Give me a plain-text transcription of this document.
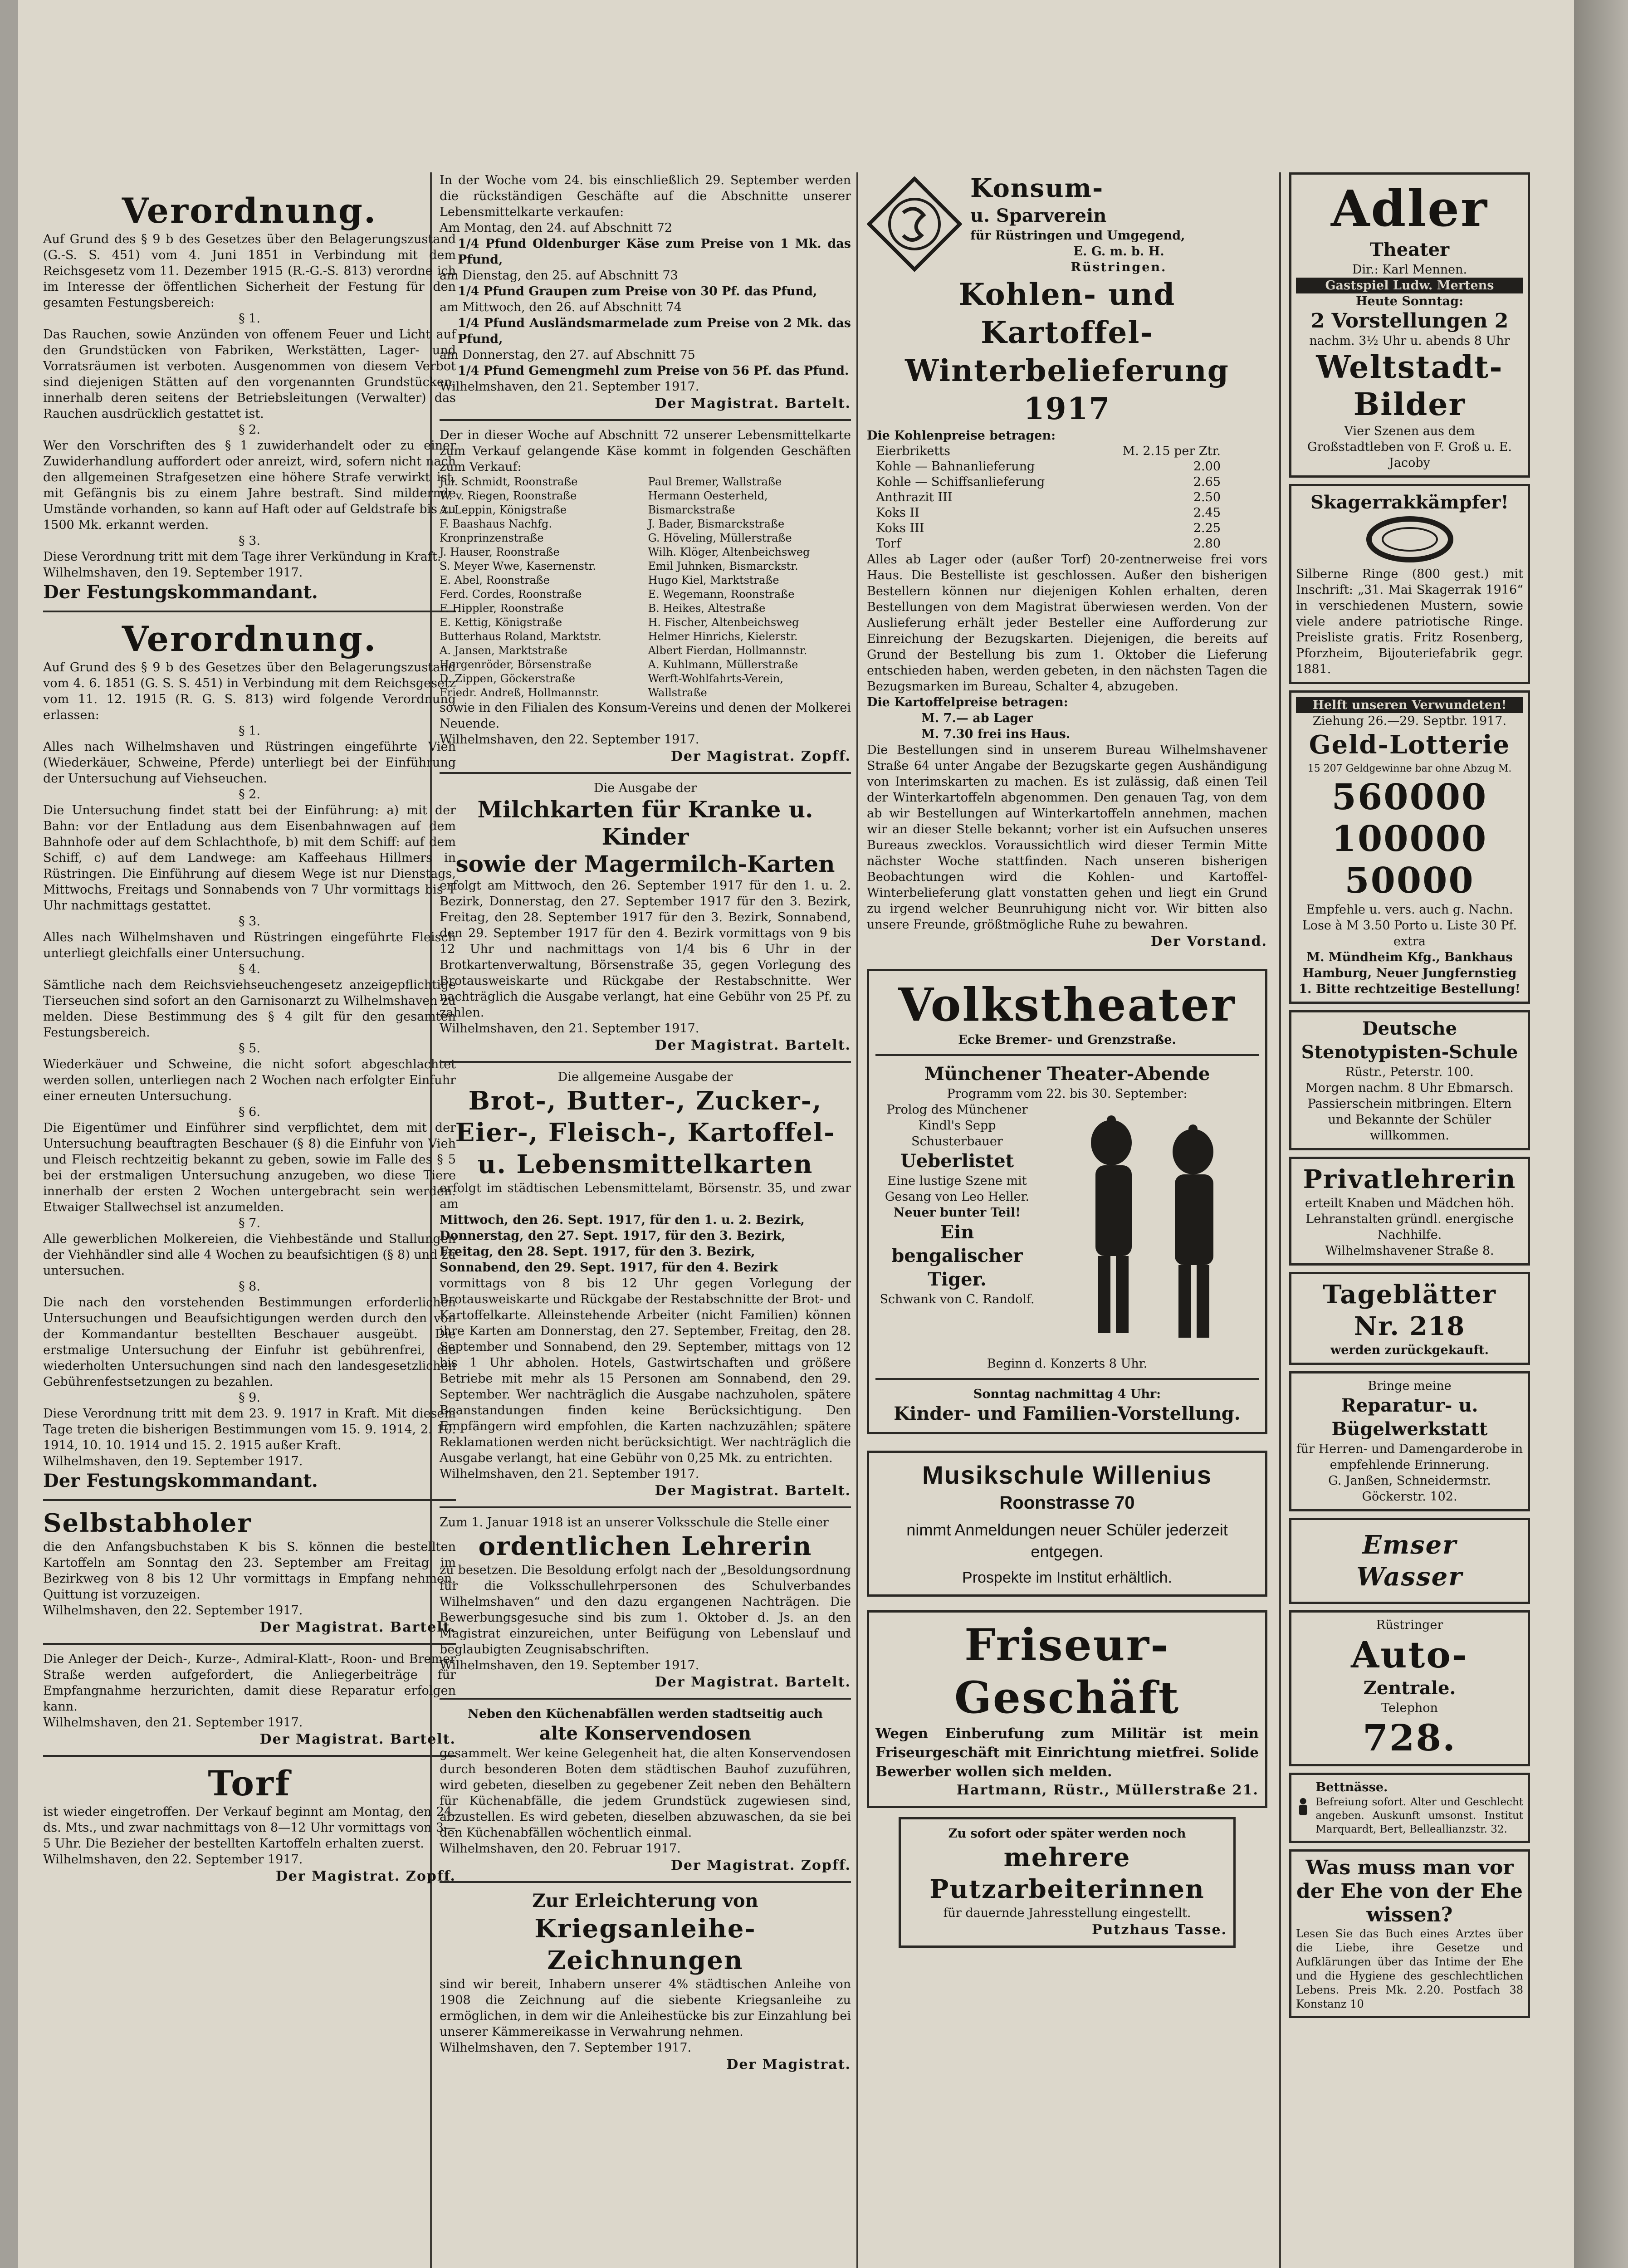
Verordnung.

Auf Grund des § 9 b des Gesetzes über den Belagerungszustand (G.-S. S. 451) vom 4. Juni 1851 in Verbindung mit dem Reichsgesetz vom 11. Dezember 1915 (R.-G.-S. 813) verordne ich im Interesse der öffentlichen Sicherheit der Festung für den gesamten Festungsbereich:

§ 1.

Das Rauchen, sowie Anzünden von offenem Feuer und Licht auf den Grundstücken von Fabriken, Werkstätten, Lager- und Vorratsräumen ist verboten. Ausgenommen von diesem Verbot sind diejenigen Stätten auf den vorgenannten Grundstücken, innerhalb deren seitens der Betriebsleitungen (Verwalter) das Rauchen ausdrücklich gestattet ist.

§ 2.

Wer den Vorschriften des § 1 zuwiderhandelt oder zu einer Zuwiderhandlung auffordert oder anreizt, wird, sofern nicht nach den allgemeinen Strafgesetzen eine höhere Strafe verwirkt ist, mit Gefängnis bis zu einem Jahre bestraft. Sind mildernde Umstände vorhanden, so kann auf Haft oder auf Geldstrafe bis zu 1500 Mk. erkannt werden.

§ 3.

Diese Verordnung tritt mit dem Tage ihrer Verkündung in Kraft.

Wilhelmshaven, den 19. September 1917.

Der Festungskommandant.

Verordnung.

Auf Grund des § 9 b des Gesetzes über den Belagerungszustand vom 4. 6. 1851 (G. S. S. 451) in Verbindung mit dem Reichsgesetz vom 11. 12. 1915 (R. G. S. 813) wird folgende Verordnung erlassen:

§ 1.

Alles nach Wilhelmshaven und Rüstringen eingeführte Vieh (Wiederkäuer, Schweine, Pferde) unterliegt bei der Einführung der Untersuchung auf Viehseuchen.

§ 2.

Die Untersuchung findet statt bei der Einführung: a) mit der Bahn: vor der Entladung aus dem Eisenbahnwagen auf dem Bahnhofe oder auf dem Schlachthofe, b) mit dem Schiff: auf dem Schiff, c) auf dem Landwege: am Kaffeehaus Hillmers in Rüstringen. Die Einführung auf diesem Wege ist nur Dienstags, Mittwochs, Freitags und Sonnabends von 7 Uhr vormittags bis 1 Uhr nachmittags gestattet.

§ 3.

Alles nach Wilhelmshaven und Rüstringen eingeführte Fleisch unterliegt gleichfalls einer Untersuchung.

§ 4.

Sämtliche nach dem Reichsviehseuchengesetz anzeigepflichtige Tierseuchen sind sofort an den Garnisonarzt zu Wilhelmshaven zu melden. Diese Bestimmung des § 4 gilt für den gesamten Festungsbereich.

§ 5.

Wiederkäuer und Schweine, die nicht sofort abgeschlachtet werden sollen, unterliegen nach 2 Wochen nach erfolgter Einfuhr einer erneuten Untersuchung.

§ 6.

Die Eigentümer und Einführer sind verpflichtet, dem mit der Untersuchung beauftragten Beschauer (§ 8) die Einfuhr von Vieh und Fleisch rechtzeitig bekannt zu geben, sowie im Falle des § 5 bei der erstmaligen Untersuchung anzugeben, wo diese Tiere innerhalb der ersten 2 Wochen untergebracht sein werden. Etwaiger Stallwechsel ist anzumelden.

§ 7.

Alle gewerblichen Molkereien, die Viehbestände und Stallungen der Viehhändler sind alle 4 Wochen zu beaufsichtigen (§ 8) und zu untersuchen.

§ 8.

Die nach den vorstehenden Bestimmungen erforderlichen Untersuchungen und Beaufsichtigungen werden durch den von der Kommandantur bestellten Beschauer ausgeübt. Die erstmalige Untersuchung der Einfuhr ist gebührenfrei, die wiederholten Untersuchungen sind nach den landesgesetzlichen Gebührenfestsetzungen zu bezahlen.

§ 9.

Diese Verordnung tritt mit dem 23. 9. 1917 in Kraft. Mit diesem Tage treten die bisherigen Bestimmungen vom 15. 9. 1914, 2. 10. 1914, 10. 10. 1914 und 15. 2. 1915 außer Kraft.

Wilhelmshaven, den 19. September 1917.

Der Festungskommandant.

Selbstabholer

die den Anfangsbuchstaben K bis S. können die bestellten Kartoffeln am Sonntag den 23. September am Freitag im Bezirkweg von 8 bis 12 Uhr vormittags in Empfang nehmen. Quittung ist vorzuzeigen.

Wilhelmshaven, den 22. September 1917.

Der Magistrat. Bartelt.

Die Anleger der Deich-, Kurze-, Admiral-Klatt-, Roon- und Bremer Straße werden aufgefordert, die Anliegerbeiträge für Empfangnahme herzurichten, damit diese Reparatur erfolgen kann.

Wilhelmshaven, den 21. September 1917.

Der Magistrat. Bartelt.

Torf

ist wieder eingetroffen. Der Verkauf beginnt am Montag, den 24. ds. Mts., und zwar nachmittags von 8—12 Uhr vormittags von 3—5 Uhr. Die Bezieher der bestellten Kartoffeln erhalten zuerst.

Wilhelmshaven, den 22. September 1917.

Der Magistrat. Zopff.

In der Woche vom 24. bis einschließlich 29. September werden die rückständigen Geschäfte auf die Abschnitte unserer Lebensmittelkarte verkaufen:

Am Montag, den 24. auf Abschnitt 72

1/4 Pfund Oldenburger Käse zum Preise von 1 Mk. das Pfund,

am Dienstag, den 25. auf Abschnitt 73

1/4 Pfund Graupen zum Preise von 30 Pf. das Pfund,

am Mittwoch, den 26. auf Abschnitt 74

1/4 Pfund Ausländsmarmelade zum Preise von 2 Mk. das Pfund,

am Donnerstag, den 27. auf Abschnitt 75

1/4 Pfund Gemengmehl zum Preise von 56 Pf. das Pfund.

Wilhelmshaven, den 21. September 1917.

Der Magistrat. Bartelt.

Der in dieser Woche auf Abschnitt 72 unserer Lebensmittelkarte zum Verkauf gelangende Käse kommt in folgenden Geschäften zum Verkauf:

Jul. Schmidt, Roonstraße	Paul Bremer, Wallstraße
W. v. Riegen, Roonstraße	Hermann Oesterheld,
A. Leppin, Königstraße	Bismarckstraße
F. Baashaus Nachfg.	J. Bader, Bismarckstraße
Kronprinzenstraße	G. Höveling, Müllerstraße
J. Hauser, Roonstraße	Wilh. Klöger, Altenbeichsweg
S. Meyer Wwe, Kasernenstr.	Emil Juhnken, Bismarckstr.
E. Abel, Roonstraße	Hugo Kiel, Marktstraße
Ferd. Cordes, Roonstraße	E. Wegemann, Roonstraße
F. Hippler, Roonstraße	B. Heikes, Altestraße
E. Kettig, Königstraße	H. Fischer, Altenbeichsweg
Butterhaus Roland, Marktstr.	Helmer Hinrichs, Kielerstr.
A. Jansen, Marktstraße	Albert Fierdan, Hollmannstr.
Hergenröder, Börsenstraße	A. Kuhlmann, Müllerstraße
D. Zippen, Göckerstraße	Werft-Wohlfahrts-Verein,
Friedr. Andreß, Hollmannstr.	Wallstraße

sowie in den Filialen des Konsum-Vereins und denen der Molkerei Neuende.

Wilhelmshaven, den 22. September 1917.

Der Magistrat. Zopff.

Die Ausgabe der

Milchkarten für Kranke u. Kinder

sowie der Magermilch-Karten

erfolgt am Mittwoch, den 26. September 1917 für den 1. u. 2. Bezirk, Donnerstag, den 27. September 1917 für den 3. Bezirk, Freitag, den 28. September 1917 für den 3. Bezirk, Sonnabend, den 29. September 1917 für den 4. Bezirk vormittags von 9 bis 12 Uhr und nachmittags von 1/4 bis 6 Uhr in der Brotkartenverwaltung, Börsenstraße 35, gegen Vorlegung des Brotausweiskarte und Rückgabe der Restabschnitte. Wer nachträglich die Ausgabe verlangt, hat eine Gebühr von 25 Pf. zu zahlen.

Wilhelmshaven, den 21. September 1917.

Der Magistrat. Bartelt.

Die allgemeine Ausgabe der

Brot-, Butter-, Zucker-, Eier-, Fleisch-, Kartoffel- u. Lebensmittelkarten

erfolgt im städtischen Lebensmittelamt, Börsenstr. 35, und zwar am

Mittwoch, den 26. Sept. 1917, für den 1. u. 2. Bezirk,

Donnerstag, den 27. Sept. 1917, für den 3. Bezirk,

Freitag, den 28. Sept. 1917, für den 3. Bezirk,

Sonnabend, den 29. Sept. 1917, für den 4. Bezirk

vormittags von 8 bis 12 Uhr gegen Vorlegung der Brotausweiskarte und Rückgabe der Restabschnitte der Brot- und Kartoffelkarte. Alleinstehende Arbeiter (nicht Familien) können ihre Karten am Donnerstag, den 27. September, Freitag, den 28. September und Sonnabend, den 29. September, mittags von 12 bis 1 Uhr abholen. Hotels, Gastwirtschaften und größere Betriebe mit mehr als 15 Personen am Sonnabend, den 29. September. Wer nachträglich die Ausgabe nachzuholen, spätere Beanstandungen finden keine Berücksichtigung. Den Empfängern wird empfohlen, die Karten nachzuzählen; spätere Reklamationen werden nicht berücksichtigt. Wer nachträglich die Ausgabe verlangt, hat eine Gebühr von 0,25 Mk. zu entrichten.

Wilhelmshaven, den 21. September 1917.

Der Magistrat. Bartelt.

Zum 1. Januar 1918 ist an unserer Volksschule die Stelle einer

ordentlichen Lehrerin

zu besetzen. Die Besoldung erfolgt nach der „Besoldungsordnung für die Volksschullehrpersonen des Schulverbandes Wilhelmshaven“ und den dazu ergangenen Nachträgen. Die Bewerbungsgesuche sind bis zum 1. Oktober d. Js. an den Magistrat einzureichen, unter Beifügung von Lebenslauf und beglaubigten Zeugnisabschriften.

Wilhelmshaven, den 19. September 1917.

Der Magistrat. Bartelt.

Neben den Küchenabfällen werden stadtseitig auch

alte Konservendosen

gesammelt. Wer keine Gelegenheit hat, die alten Konservendosen durch besonderen Boten dem städtischen Bauhof zuzuführen, wird gebeten, dieselben zu gegebener Zeit neben den Behältern für Küchenabfälle, die jedem Grundstück zugewiesen sind, abzustellen. Es wird gebeten, dieselben abzuwaschen, da sie bei den Küchenabfällen wöchentlich einmal.

Wilhelmshaven, den 20. Februar 1917.

Der Magistrat. Zopff.

Zur Erleichterung von

Kriegsanleihe-Zeichnungen

sind wir bereit, Inhabern unserer 4% städtischen Anleihe von 1908 die Zeichnung auf die siebente Kriegsanleihe zu ermöglichen, in dem wir die Anleihestücke bis zur Einzahlung bei unserer Kämmereikasse in Verwahrung nehmen.

Wilhelmshaven, den 7. September 1917.

Der Magistrat.

Konsum-

u. Sparverein

für Rüstringen und Umgegend,

E. G. m. b. H.

Rüstringen.

Kohlen- und Kartoffel-

Winterbelieferung 1917

Die Kohlenpreise betragen:

Eierbriketts	M. 2.15 per Ztr.
Kohle — Bahnanlieferung	2.00
Kohle — Schiffsanlieferung	2.65
Anthrazit III	2.50
Koks II	2.45
Koks III	2.25
Torf	2.80

Alles ab Lager oder (außer Torf) 20-zentnerweise frei vors Haus. Die Bestelliste ist geschlossen. Außer den bisherigen Bestellern können nur diejenigen Kohlen erhalten, deren Bestellungen von dem Magistrat überwiesen werden. Von der Auslieferung erhält jeder Besteller eine Aufforderung zur Einreichung der Bezugskarten. Diejenigen, die bereits auf Grund der Bestellung bis zum 1. Oktober die Lieferung entschieden haben, werden gebeten, in den nächsten Tagen die Bezugsmarken im Bureau, Schalter 4, abzugeben.

Die Kartoffelpreise betragen:

M. 7.— ab Lager

M. 7.30 frei ins Haus.

Die Bestellungen sind in unserem Bureau Wilhelmshavener Straße 64 unter Angabe der Bezugskarte gegen Aushändigung von Interimskarten zu machen. Es ist zulässig, daß einen Teil der Winterkartoffeln abgenommen. Den genauen Tag, von dem ab wir Bestellungen auf Winterkartoffeln annehmen, machen wir an dieser Stelle bekannt; vorher ist ein Aufsuchen unseres Bureaus zwecklos. Voraussichtlich wird dieser Termin Mitte nächster Woche stattfinden. Nach unseren bisherigen Beobachtungen wird die Kohlen- und Kartoffel-Winterbelieferung glatt vonstatten gehen und liegt ein Grund zu irgend welcher Beunruhigung nicht vor. Wir bitten also unsere Freunde, größtmögliche Ruhe zu bewahren.

Der Vorstand.

Volkstheater

Ecke Bremer- und Grenzstraße.

Münchener Theater-Abende

Programm vom 22. bis 30. September:

Prolog des Münchener Kindl's Sepp Schusterbauer

Ueberlistet

Eine lustige Szene mit Gesang von Leo Heller.

Neuer bunter Teil!

Ein bengalischer Tiger.

Schwank von C. Randolf.

Beginn d. Konzerts 8 Uhr.

Sonntag nachmittag 4 Uhr:

Kinder- und Familien-Vorstellung.

Musikschule Willenius

Roonstrasse 70

nimmt Anmeldungen neuer Schüler jederzeit entgegen.

Prospekte im Institut erhältlich.

Friseur-Geschäft

Wegen Einberufung zum Militär ist mein Friseurgeschäft mit Einrichtung mietfrei. Solide Bewerber wollen sich melden.

Hartmann, Rüstr., Müllerstraße 21.

Zu sofort oder später werden noch

mehrere Putzarbeiterinnen

für dauernde Jahresstellung eingestellt.

Putzhaus Tasse.

Adler

Theater

Dir.: Karl Mennen.

Gastspiel Ludw. Mertens

Heute Sonntag:

2 Vorstellungen 2

nachm. 3½ Uhr u. abends 8 Uhr

Weltstadt-Bilder

Vier Szenen aus dem Großstadtleben von F. Groß u. E. Jacoby

Skagerrakkämpfer!

Silberne Ringe (800 gest.) mit Inschrift: „31. Mai Skagerrak 1916“ in verschiedenen Mustern, sowie viele andere patriotische Ringe. Preisliste gratis. Fritz Rosenberg, Pforzheim, Bijouteriefabrik gegr. 1881.

Helft unseren Verwundeten!

Ziehung 26.—29. Septbr. 1917.

Geld-Lotterie

15 207 Geldgewinne bar ohne Abzug M.

560000

100000

50000

Empfehle u. vers. auch g. Nachn. Lose à M 3.50 Porto u. Liste 30 Pf. extra

M. Mündheim Kfg., Bankhaus Hamburg, Neuer Jungfernstieg 1. Bitte rechtzeitige Bestellung!

Deutsche

Stenotypisten-Schule

Rüstr., Peterstr. 100.

Morgen nachm. 8 Uhr Ebmarsch. Passierschein mitbringen. Eltern und Bekannte der Schüler willkommen.

Privatlehrerin

erteilt Knaben und Mädchen höh. Lehranstalten gründl. energische Nachhilfe.

Wilhelmshavener Straße 8.

Tageblätter

Nr. 218

werden zurückgekauft.

Bringe meine

Reparatur- u. Bügelwerkstatt

für Herren- und Damengarderobe in empfehlende Erinnerung.

G. Janßen, Schneidermstr. Göckerstr. 102.

Emser

Wasser

Rüstringer

Auto-

Zentrale.

Telephon

728.

Bettnässe.

Befreiung sofort. Alter und Geschlecht angeben. Auskunft umsonst. Institut Marquardt, Bert, Belleallianzstr. 32.

Was muss man vor der Ehe von der Ehe wissen?

Lesen Sie das Buch eines Arztes über die Liebe, ihre Gesetze und Aufklärungen über das Intime der Ehe und die Hygiene des geschlechtlichen Lebens. Preis Mk. 2.20. Postfach 38 Konstanz 10
